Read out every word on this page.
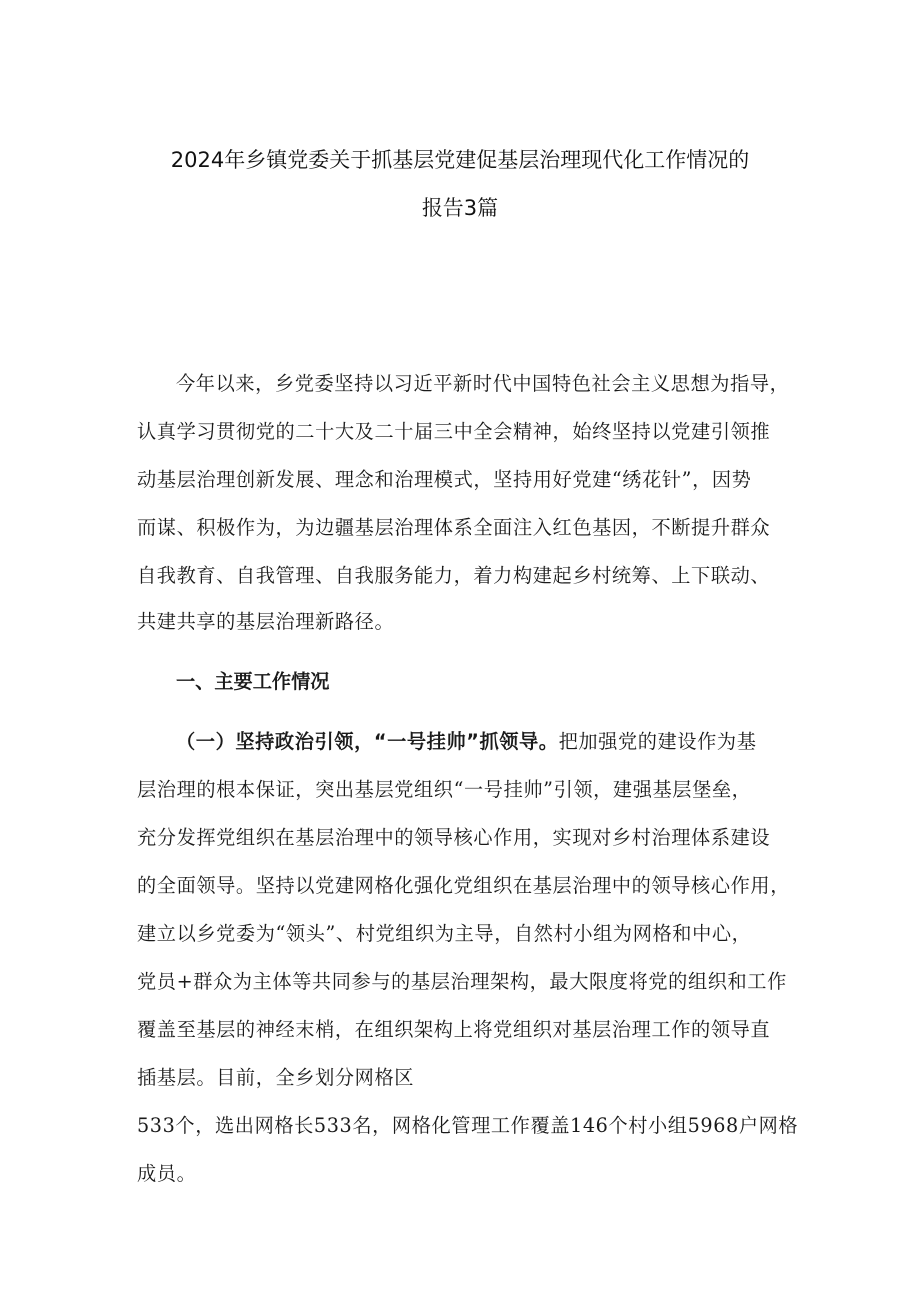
2024年乡镇党委关于抓基层党建促基层治理现代化工作情况的
报告3篇
今年以来，乡党委坚持以习近平新时代中国特色社会主义思想为指导，
认真学习贯彻党的二十大及二十届三中全会精神，始终坚持以党建引领推
动基层治理创新发展、理念和治理模式，坚持用好党建“绣花针”，因势
而谋、积极作为，为边疆基层治理体系全面注入红色基因，不断提升群众
自我教育、自我管理、自我服务能力，着力构建起乡村统筹、上下联动、
共建共享的基层治理新路径。
一、主要工作情况
（一）坚持政治引领，“一号挂帅”抓领导。把加强党的建设作为基
层治理的根本保证，突出基层党组织“一号挂帅”引领，建强基层堡垒，
充分发挥党组织在基层治理中的领导核心作用，实现对乡村治理体系建设
的全面领导。坚持以党建网格化强化党组织在基层治理中的领导核心作用，
建立以乡党委为“领头”、村党组织为主导，自然村小组为网格和中心，
党员+群众为主体等共同参与的基层治理架构，最大限度将党的组织和工作
覆盖至基层的神经末梢，在组织架构上将党组织对基层治理工作的领导直
插基层。目前，全乡划分网格区
533个，选出网格长533名，网格化管理工作覆盖146个村小组5968户网格
成员。
